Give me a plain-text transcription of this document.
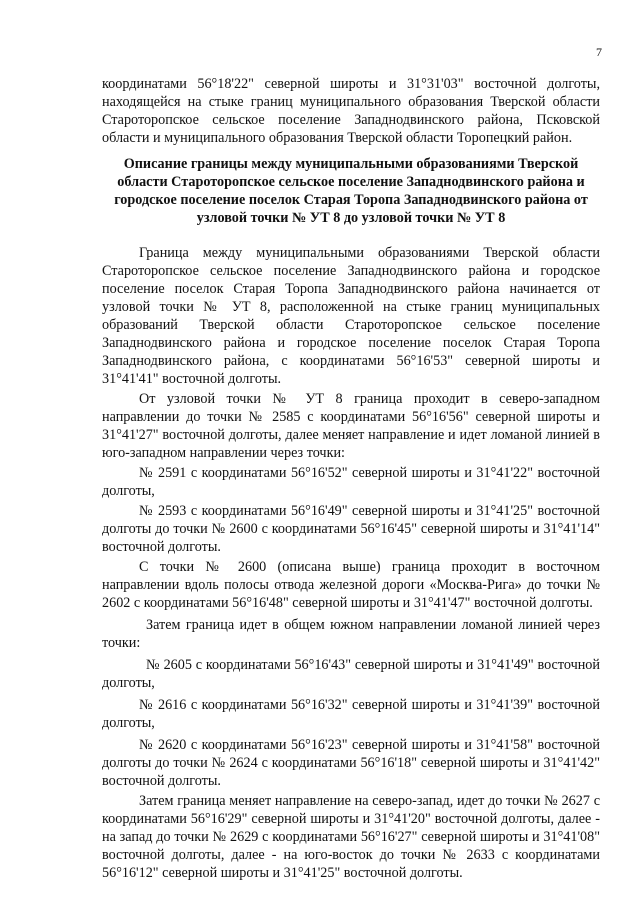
7

координатами 56°18'22" северной широты и 31°31'03" восточной долготы, находящейся на стыке границ муниципального образования Тверской области Староторопское сельское поселение Западнодвинского района, Псковской области и муниципального образования Тверской области Торопецкий район.

Описание границы между муниципальными образованиями Тверской области Староторопское сельское поселение Западнодвинского района и городское поселение поселок Старая Торопа Западнодвинского района от узловой точки № УТ 8 до узловой точки № УТ 8

Граница между муниципальными образованиями Тверской области Староторопское сельское поселение Западнодвинского района и городское поселение поселок Старая Торопа Западнодвинского района начинается от узловой точки № УТ 8, расположенной на стыке границ муниципальных образований Тверской области Староторопское сельское поселение Западнодвинского района и городское поселение поселок Старая Торопа Западнодвинского района, с координатами 56°16'53" северной широты и 31°41'41" восточной долготы.

От узловой точки № УТ 8 граница проходит в северо-западном направлении до точки № 2585 с координатами 56°16'56" северной широты и 31°41'27" восточной долготы, далее меняет направление и идет ломаной линией в юго-западном направлении через точки:

№ 2591 с координатами 56°16'52" северной широты и 31°41'22" восточной долготы,

№ 2593 с координатами 56°16'49" северной широты и 31°41'25" восточной долготы до точки № 2600 с координатами 56°16'45" северной широты и 31°41'14" восточной долготы.

С точки № 2600 (описана выше) граница проходит в восточном направлении вдоль полосы отвода железной дороги «Москва-Рига» до точки № 2602 с координатами 56°16'48" северной широты и 31°41'47" восточной долготы.

Затем граница идет в общем южном направлении ломаной линией через точки:

№ 2605 с координатами 56°16'43" северной широты и 31°41'49" восточной долготы,

№ 2616 с координатами 56°16'32" северной широты и 31°41'39" восточной долготы,

№ 2620 с координатами 56°16'23" северной широты и 31°41'58" восточной долготы до точки № 2624 с координатами 56°16'18" северной широты и 31°41'42" восточной долготы.

Затем граница меняет направление на северо-запад, идет до точки № 2627 с координатами 56°16'29" северной широты и 31°41'20" восточной долготы, далее - на запад до точки № 2629 с координатами 56°16'27" северной широты и 31°41'08" восточной долготы, далее - на юго-восток до точки № 2633 с координатами 56°16'12" северной широты и 31°41'25" восточной долготы.
